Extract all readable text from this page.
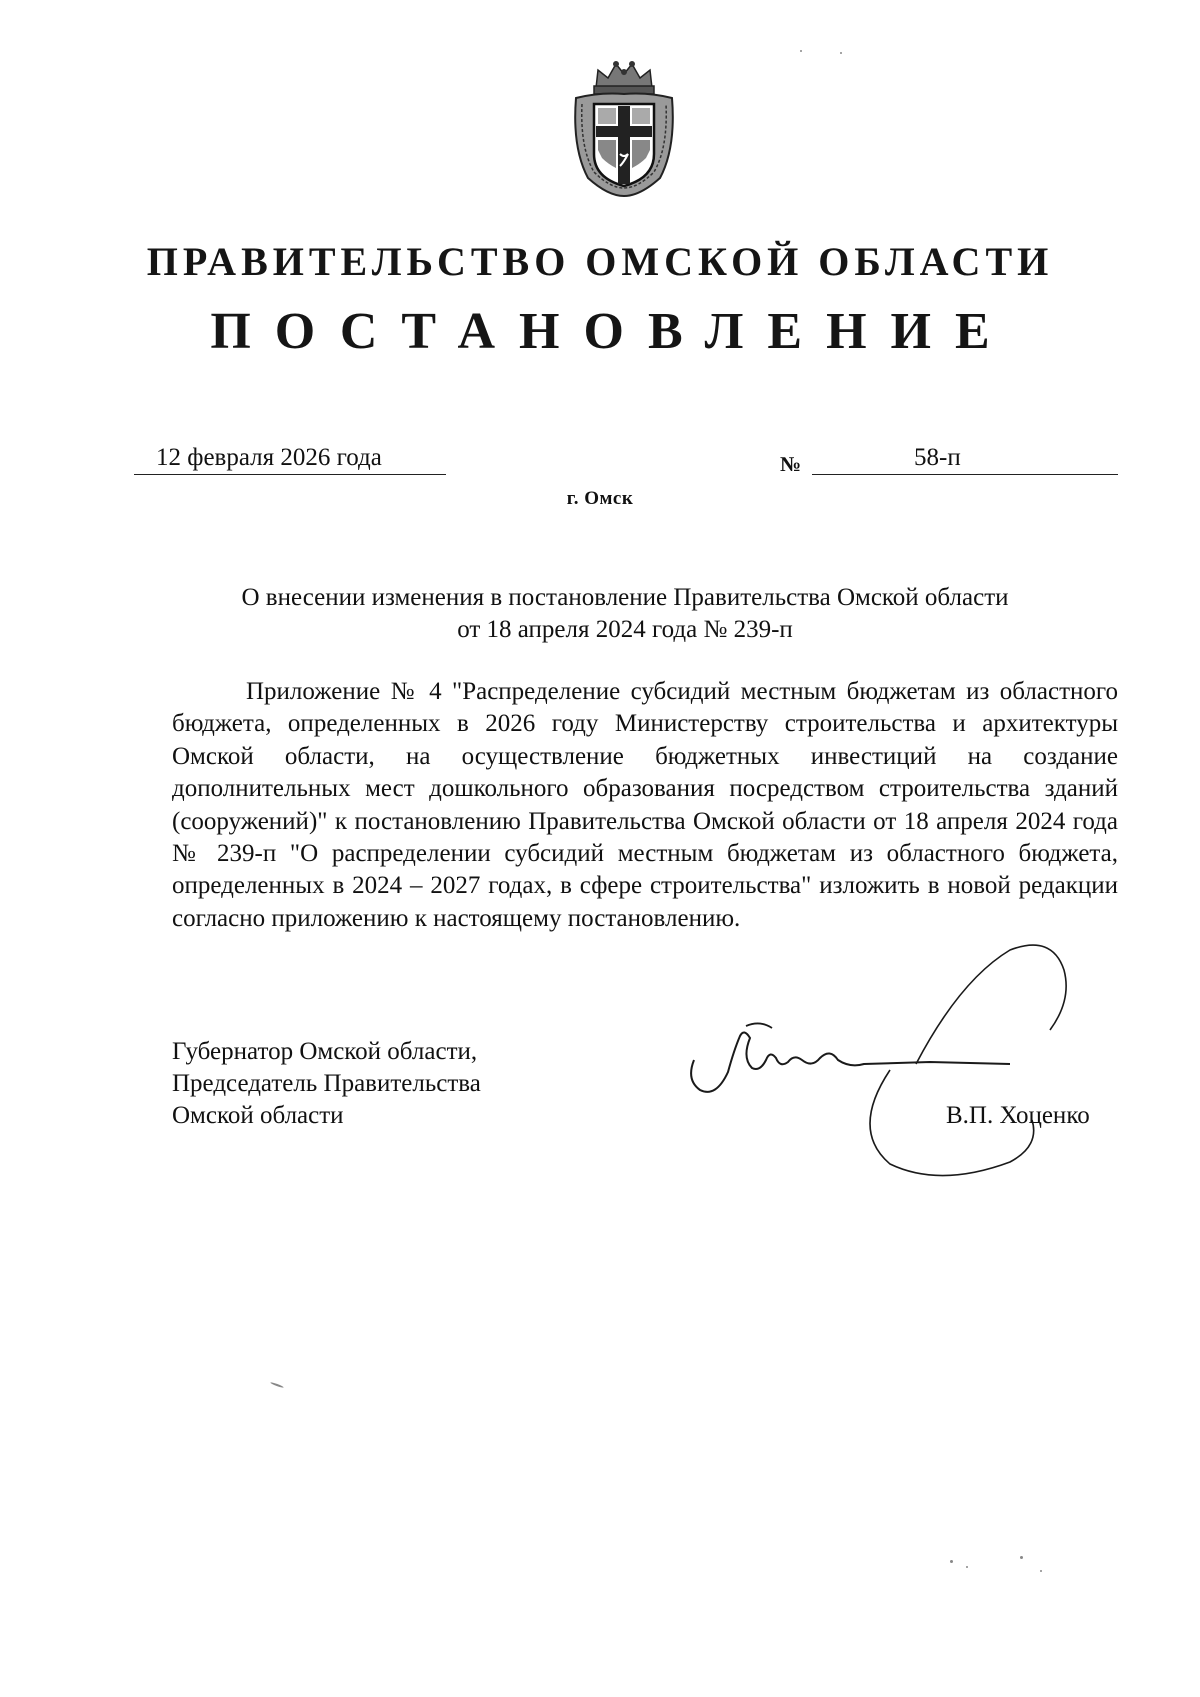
ПРАВИТЕЛЬСТВО ОМСКОЙ ОБЛАСТИ
ПОСТАНОВЛЕНИЕ
12 февраля 2026 года	№	58-п
г. Омск
О внесении изменения в постановление Правительства Омской области
от 18 апреля 2024 года № 239-п

Приложение № 4 "Распределение субсидий местным бюджетам из областного бюджета, определенных в 2026 году Министерству строительства и архитектуры Омской области, на осуществление бюджетных инвестиций на создание дополнительных мест дошкольного образования посредством строительства зданий (сооружений)" к постановлению Правительства Омской области от 18 апреля 2024 года № 239-п "О распределении субсидий местным бюджетам из областного бюджета, определенных в 2024 – 2027 годах, в сфере строительства" изложить в новой редакции согласно приложению к настоящему постановлению.

Губернатор Омской области,
Председатель Правительства
Омской области	В.П. Хоценко
